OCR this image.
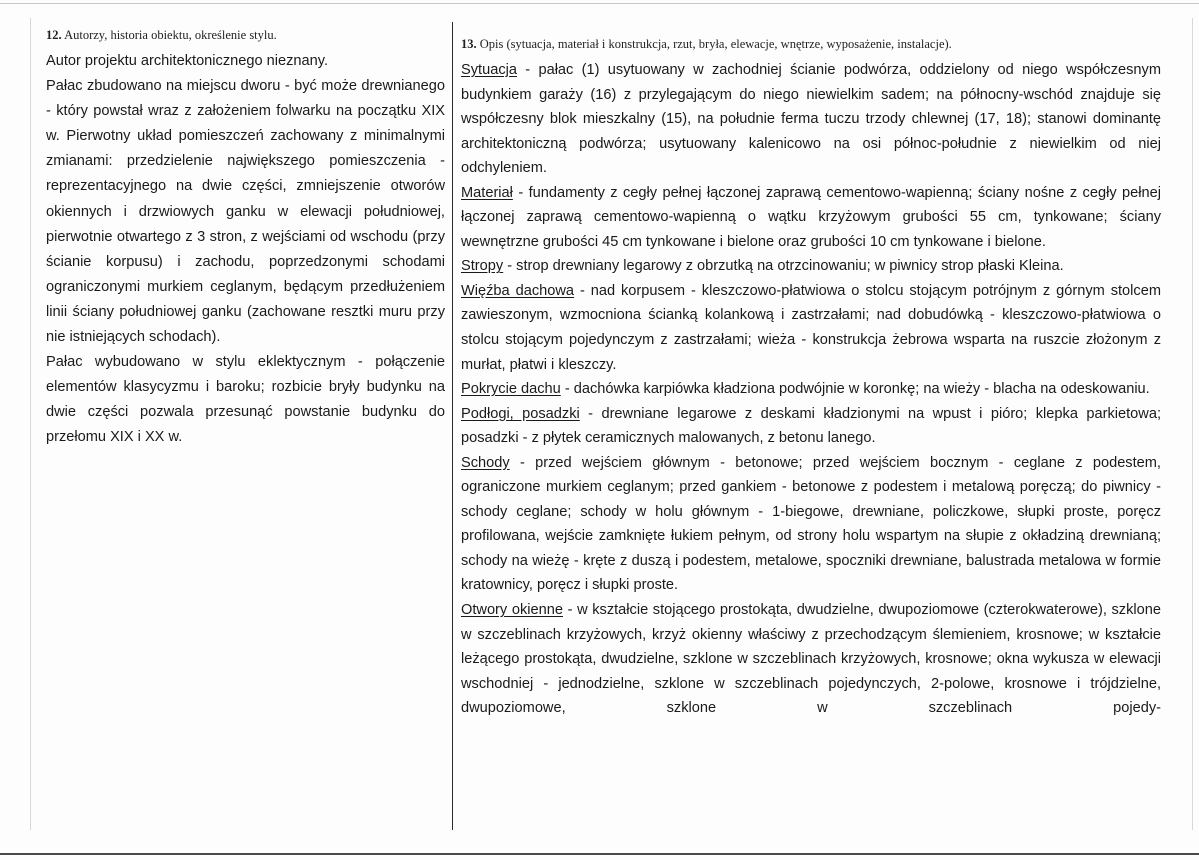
12. Autorzy, historia obiektu, określenie stylu.

Autor projektu architektonicznego nieznany.

Pałac zbudowano na miejscu dworu - być może drewnianego - który powstał wraz z założeniem folwarku na początku XIX w. Pierwotny układ pomieszczeń zachowany z minimalnymi zmianami: przedzielenie największego pomieszczenia - reprezentacyjnego na dwie części, zmniejszenie otworów okiennych i drzwiowych ganku w elewacji południowej, pierwotnie otwartego z 3 stron, z wejściami od wschodu (przy ścianie korpusu) i zachodu, poprzedzonymi schodami ograniczonymi murkiem ceglanym, będącym przedłużeniem linii ściany południowej ganku (zachowane resztki muru przy nie istniejących schodach).

Pałac wybudowano w stylu eklektycznym - połączenie elementów klasycyzmu i baroku; rozbicie bryły budynku na dwie części pozwala przesunąć powstanie budynku do przełomu XIX i XX w.

13. Opis (sytuacja, materiał i konstrukcja, rzut, bryła, elewacje, wnętrze, wyposażenie, instalacje).

Sytuacja - pałac (1) usytuowany w zachodniej ścianie podwórza, oddzielony od niego współczesnym budynkiem garaży (16) z przylegającym do niego niewielkim sadem; na północny-wschód znajduje się współczesny blok mieszkalny (15), na południe ferma tuczu trzody chlewnej (17, 18); stanowi dominantę architektoniczną podwórza; usytuowany kalenicowo na osi północ-południe z niewielkim od niej odchyleniem.

Materiał - fundamenty z cegły pełnej łączonej zaprawą cementowo-wapienną; ściany nośne z cegły pełnej łączonej zaprawą cementowo-wapienną o wątku krzyżowym grubości 55 cm, tynkowane; ściany wewnętrzne grubości 45 cm tynkowane i bielone oraz grubości 10 cm tynkowane i bielone.

Stropy - strop drewniany legarowy z obrzutką na otrzcinowaniu; w piwnicy strop płaski Kleina.

Więźba dachowa - nad korpusem - kleszczowo-płatwiowa o stolcu stojącym potrójnym z górnym stolcem zawieszonym, wzmocniona ścianką kolankową i zastrzałami; nad dobudówką - kleszczowo-płatwiowa o stolcu stojącym pojedynczym z zastrzałami; wieża - konstrukcja żebrowa wsparta na ruszcie złożonym z murłat, płatwi i kleszczy.

Pokrycie dachu - dachówka karpiówka kładziona podwójnie w koronkę; na wieży - blacha na odeskowaniu.

Podłogi, posadzki - drewniane legarowe z deskami kładzionymi na wpust i pióro; klepka parkietowa; posadzki - z płytek ceramicznych malowanych, z betonu lanego.

Schody - przed wejściem głównym - betonowe; przed wejściem bocznym - ceglane z podestem, ograniczone murkiem ceglanym; przed gankiem - betonowe z podestem i metalową poręczą; do piwnicy - schody ceglane; schody w holu głównym - 1-biegowe, drewniane, policzkowe, słupki proste, poręcz profilowana, wejście zamknięte łukiem pełnym, od strony holu wspartym na słupie z okładziną drewnianą; schody na wieżę - kręte z duszą i podestem, metalowe, spoczniki drewniane, balustrada metalowa w formie kratownicy, poręcz i słupki proste.

Otwory okienne - w kształcie stojącego prostokąta, dwudzielne, dwupoziomowe (czterokwaterowe), szklone w szczeblinach krzyżowych, krzyż okienny właściwy z przechodzącym ślemieniem, krosnowe; w kształcie leżącego prostokąta, dwudzielne, szklone w szczeblinach krzyżowych, krosnowe; okna wykusza w elewacji wschodniej - jednodzielne, szklone w szczeblinach pojedynczych, 2-polowe, krosnowe i trójdzielne, dwupoziomowe, szklone w szczeblinach pojedy-
